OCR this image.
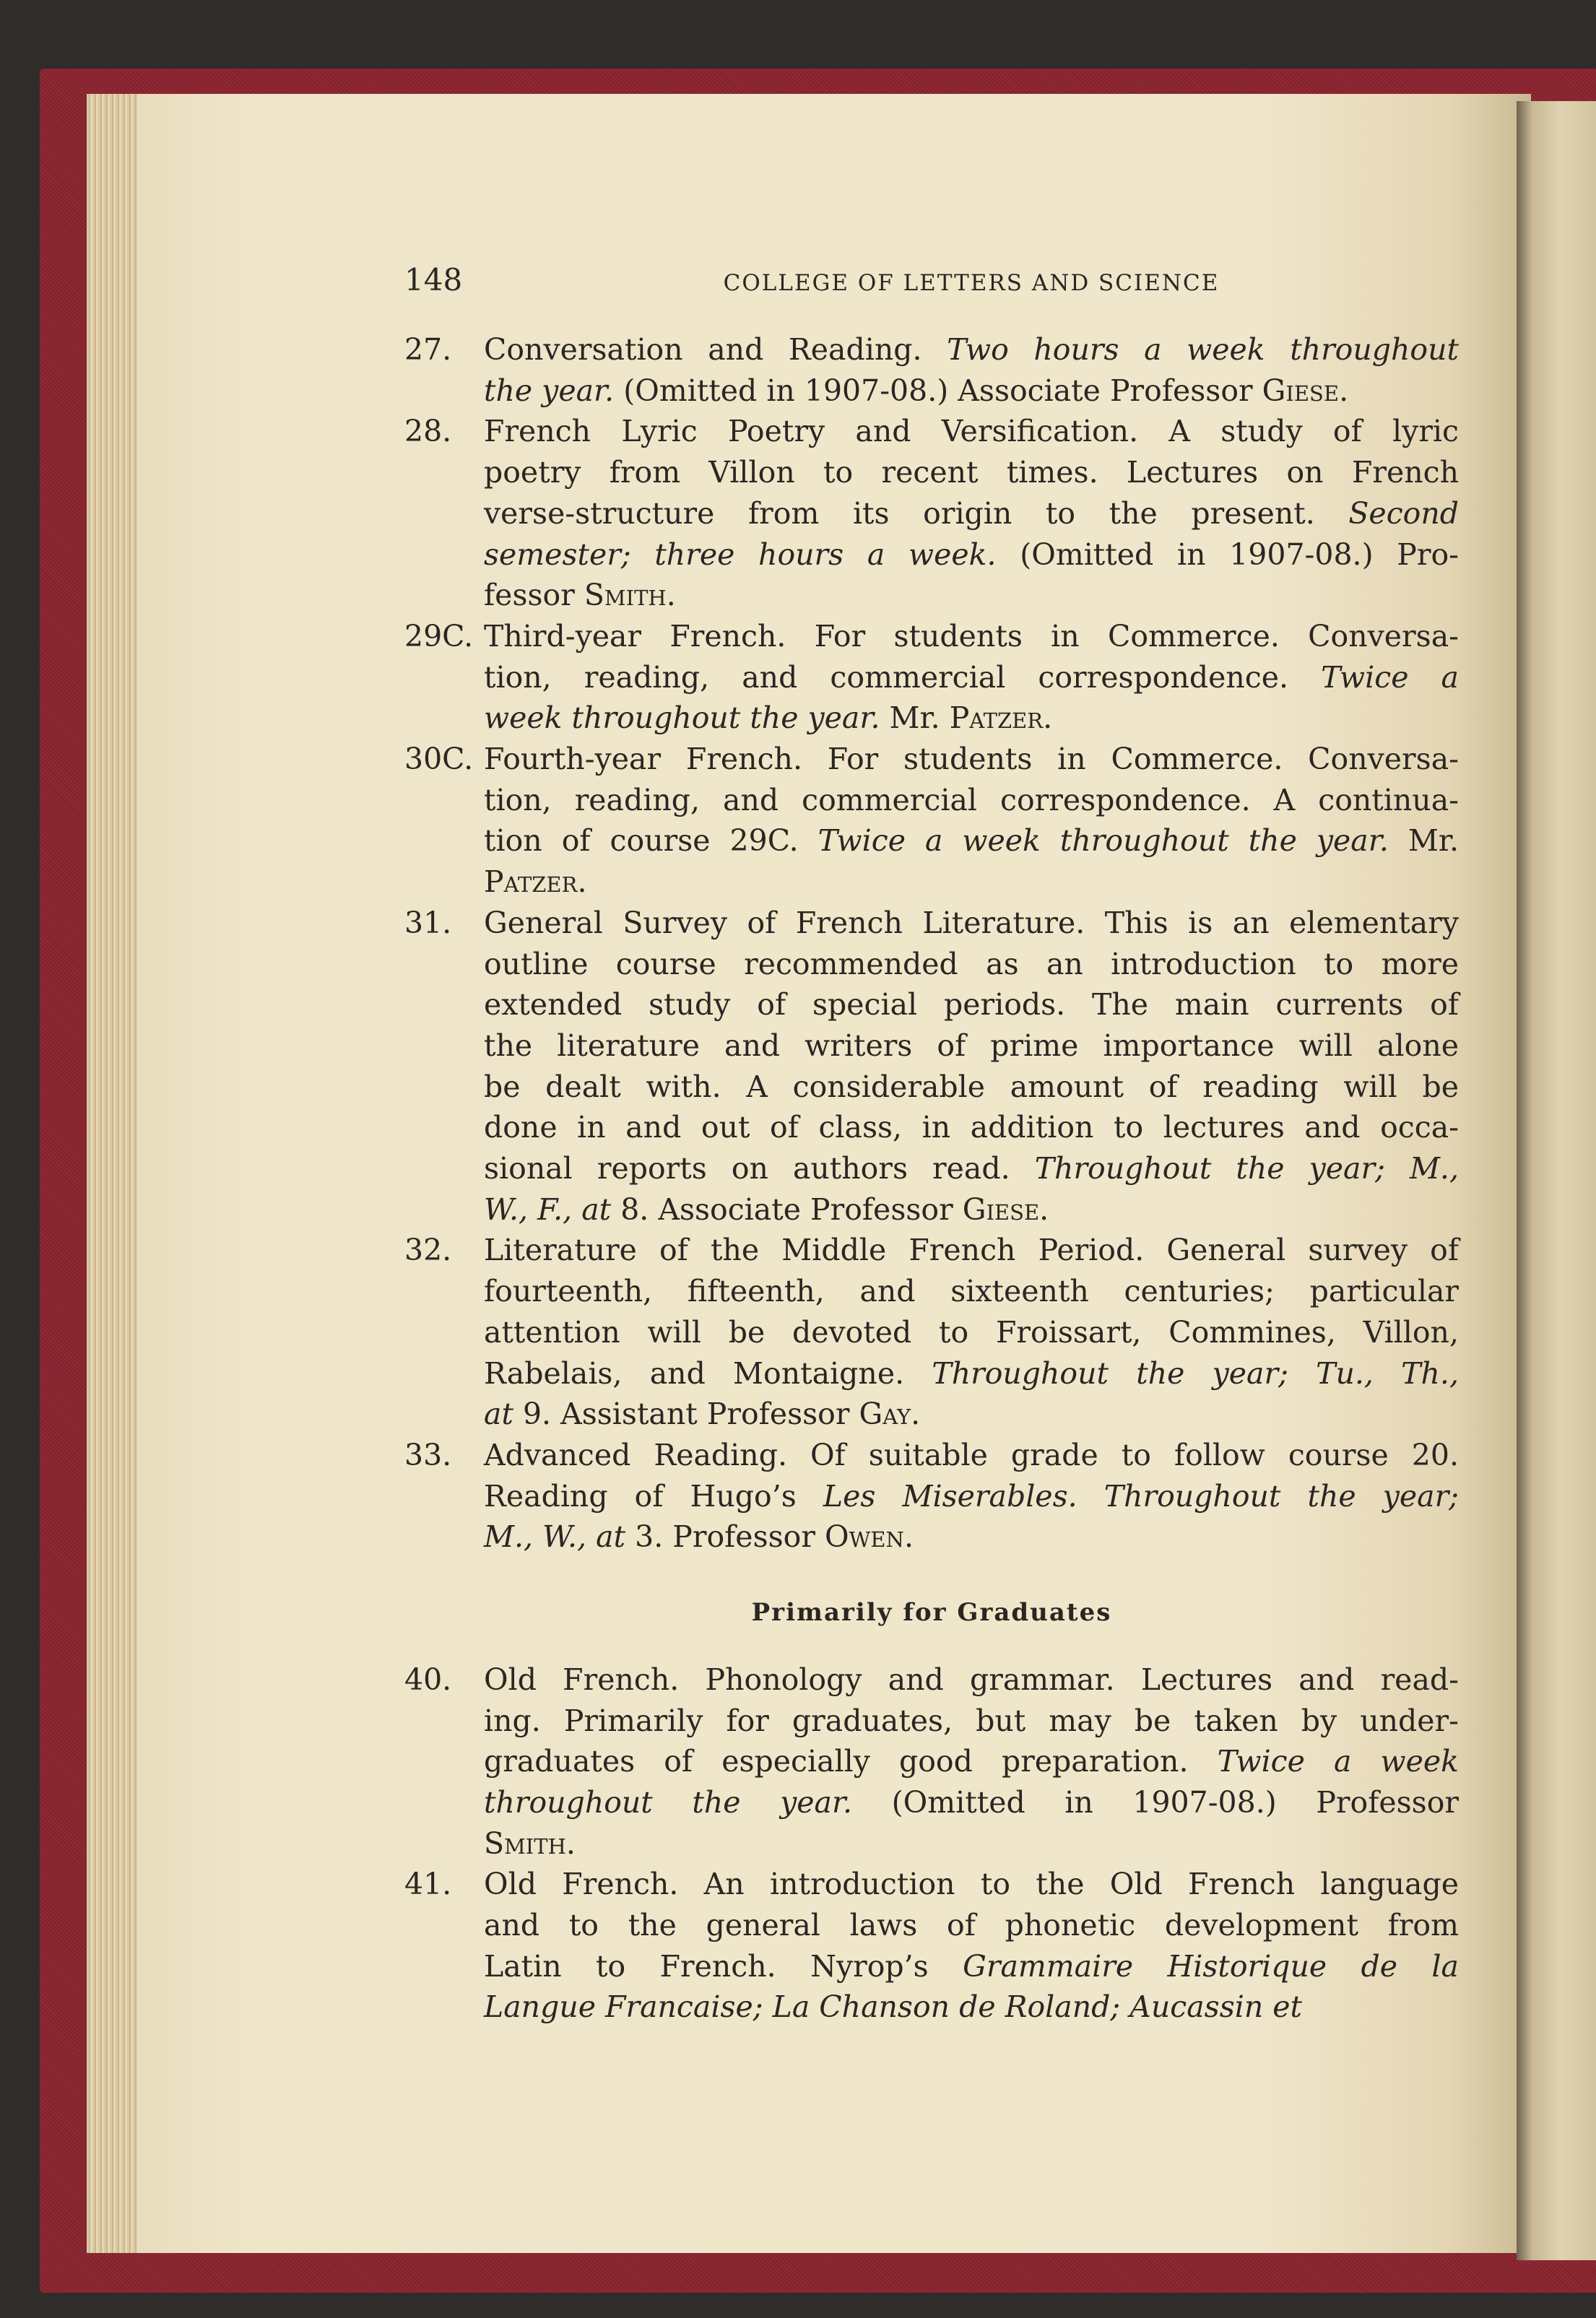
148	COLLEGE OF LETTERS AND SCIENCE
27.	Conversation and Reading. Two hours a week throughout
the year. (Omitted in 1907-08.) Associate Professor Giese.
28.	French Lyric Poetry and Versification. A study of lyric
poetry from Villon to recent times. Lectures on French
verse-structure from its origin to the present. Second
semester; three hours a week. (Omitted in 1907-08.) Pro-
fessor Smith.
29C. Third-year French. For students in Commerce. Conversa-
tion, reading, and commercial correspondence. Twice a
week throughout the year. Mr. Patzer.
30C. Fourth-year French. For students in Commerce. Conversa-
tion, reading, and commercial correspondence. A continua-
tion of course 29C. Twice a week throughout the year. Mr.
Patzer.
31.	General Survey of French Literature. This is an elementary
outline course recommended as an introduction to more
extended study of special periods. The main currents of
the literature and writers of prime importance will alone
be dealt with. A considerable amount of reading will be
done in and out of class, in addition to lectures and occa-
sional reports on authors read. Throughout the year; M.,
W., F., at 8. Associate Professor Giese.
32.	Literature of the Middle French Period. General survey of
fourteenth, fifteenth, and sixteenth centuries; particular
attention will be devoted to Froissart, Commines, Villon,
Rabelais, and Montaigne. Throughout the year; Tu., Th.,
at 9. Assistant Professor Gay.
33.	Advanced Reading. Of suitable grade to follow course 20.
Reading of Hugo’s Les Miserables. Throughout the year;
M., W., at 3. Professor Owen.
Primarily for Graduates
40.	Old French. Phonology and grammar. Lectures and read-
ing. Primarily for graduates, but may be taken by under-
graduates of especially good preparation. Twice a week
throughout the year. (Omitted in 1907-08.) Professor
Smith.
41.	Old French. An introduction to the Old French language
and to the general laws of phonetic development from
Latin to French. Nyrop’s Grammaire Historique de la
Langue Francaise; La Chanson de Roland; Aucassin et
